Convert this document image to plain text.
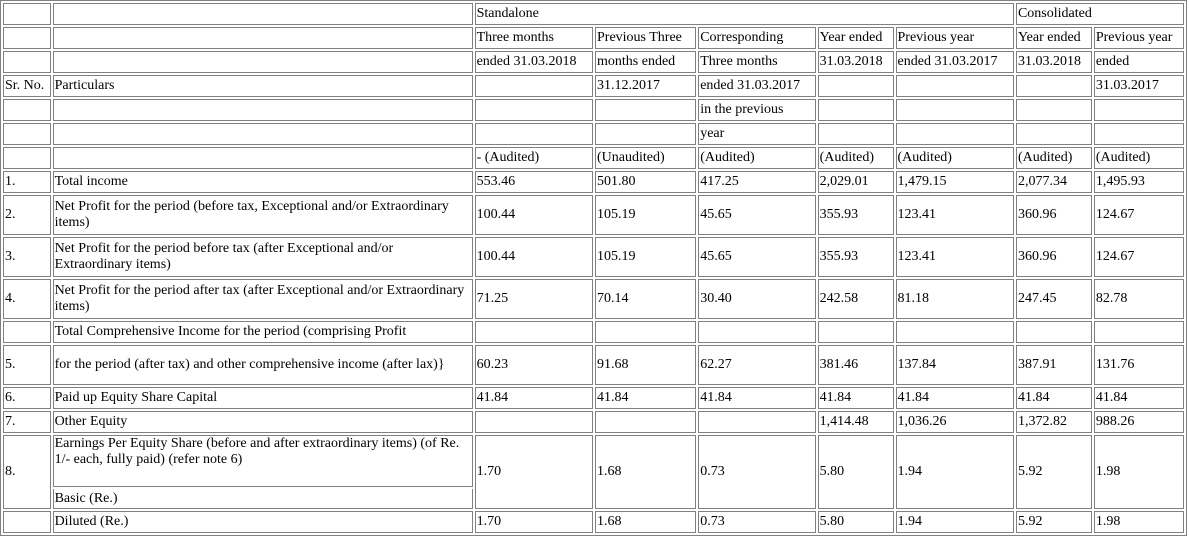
		Standalone					Consolidated	
		Three months	Previous Three	Corresponding	Year ended	Previous year	Year ended	Previous year
		ended 31.03.2018	months ended	Three months	31.03.2018	ended 31.03.2017	31.03.2018	ended
Sr. No.	Particulars		31.12.2017	ended 31.03.2017				31.03.2017
				in the previous				
				year				
		- (Audited)	(Unaudited)	(Audited)	(Audited)	(Audited)	(Audited)	(Audited)
1.	Total income	553.46	501.80	417.25	2,029.01	1,479.15	2,077.34	1,495.93
2.	Net Profit for the period (before tax, Exceptional and/or Extraordinary items)	100.44	105.19	45.65	355.93	123.41	360.96	124.67
3.	Net Profit for the period before tax (after Exceptional and/or Extraordinary items)	100.44	105.19	45.65	355.93	123.41	360.96	124.67
4.	Net Profit for the period after tax (after Exceptional and/or Extraordinary items)	71.25	70.14	30.40	242.58	81.18	247.45	82.78
	Total Comprehensive Income for the period (comprising Profit							
5.	for the period (after tax) and other comprehensive income (after lax)}	60.23	91.68	62.27	381.46	137.84	387.91	131.76
6.	Paid up Equity Share Capital	41.84	41.84	41.84	41.84	41.84	41.84	41.84
7.	Other Equity				1,414.48	1,036.26	1,372.82	988.26
8.	Earnings Per Equity Share (before and after extraordinary items) (of Re. 1/- each, fully paid) (refer note 6)	1.70	1.68	0.73	5.80	1.94	5.92	1.98
	Basic (Re.)							
	Diluted (Re.)	1.70	1.68	0.73	5.80	1.94	5.92	1.98
